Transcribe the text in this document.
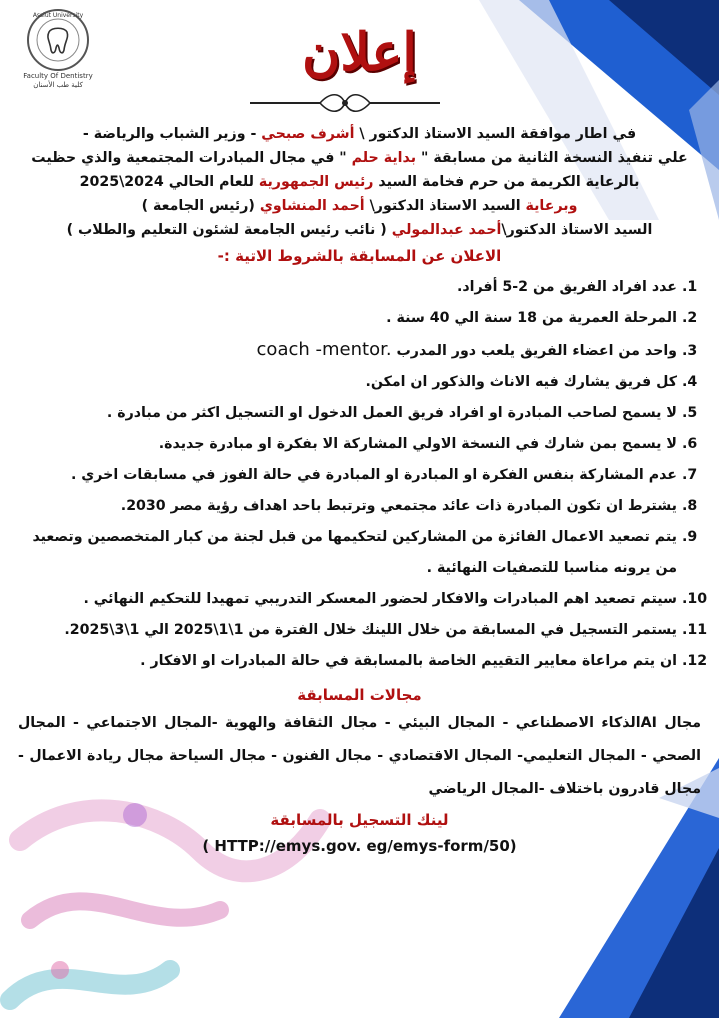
Assiut University
Faculty Of Dentistry
كلية طب الأسنان
إعلان
في اطار موافقة السيد الاستاذ الدكتور \ أشرف صبحي - وزير الشباب والرياضة -
علي تنفيذ النسخة الثانية من مسابقة " بداية حلم " في مجال المبادرات المجتمعية والذي حظيت
بالرعاية الكريمة من حرم فخامة السيد رئيس الجمهورية للعام الحالي 2024\2025
وبرعاية السيد الاستاذ الدكتور\ أحمد المنشاوي (رئيس الجامعة )
السيد الاستاذ الدكتور\أحمد عبدالمولي ( نائب رئيس الجامعة لشئون التعليم والطلاب )
الاعلان عن المسابقة بالشروط الاتية :-
1. عدد افراد الفريق من 2-5 أفراد.
2. المرحلة العمرية من 18 سنة الي 40 سنة .
3. واحد من اعضاء الفريق يلعب دور المدرب coach -mentor.
4. كل فريق يشارك فيه الاناث والذكور ان امكن.
5. لا يسمح لصاحب المبادرة او افراد فريق العمل الدخول او التسجيل اكثر من مبادرة .
6. لا يسمح بمن شارك في النسخة الاولي المشاركة الا بفكرة او مبادرة جديدة.
7. عدم المشاركة بنفس الفكرة او المبادرة او المبادرة في حالة الفوز في مسابقات اخري .
8. يشترط ان تكون المبادرة ذات عائد مجتمعي وترتبط باحد اهداف رؤية مصر 2030.
9. يتم تصعيد الاعمال الفائزة من المشاركين لتحكيمها من قبل لجنة من كبار المتخصصين وتصعيد من يرونه مناسبا للتصفيات النهائية .
10. سيتم تصعيد اهم المبادرات والافكار لحضور المعسكر التدريبي تمهيدا للتحكيم النهائي .
11. يستمر التسجيل في المسابقة من خلال اللينك خلال الفترة من 1\1\2025 الي 1\3\2025.
12. ان يتم مراعاة معايير التقييم الخاصة بالمسابقة في حالة المبادرات او الافكار .
مجالات المسابقة
مجال AIالذكاء الاصطناعي - المجال البيئي - مجال الثقافة والهوية -المجال الاجتماعي - المجال الصحي - المجال التعليمي- المجال الاقتصادي - مجال الفنون - مجال السياحة مجال ريادة الاعمال - مجال قادرون باختلاف -المجال الرياضي
لينك التسجيل بالمسابقة
( HTTP://emys.gov. eg/emys-form/50)
